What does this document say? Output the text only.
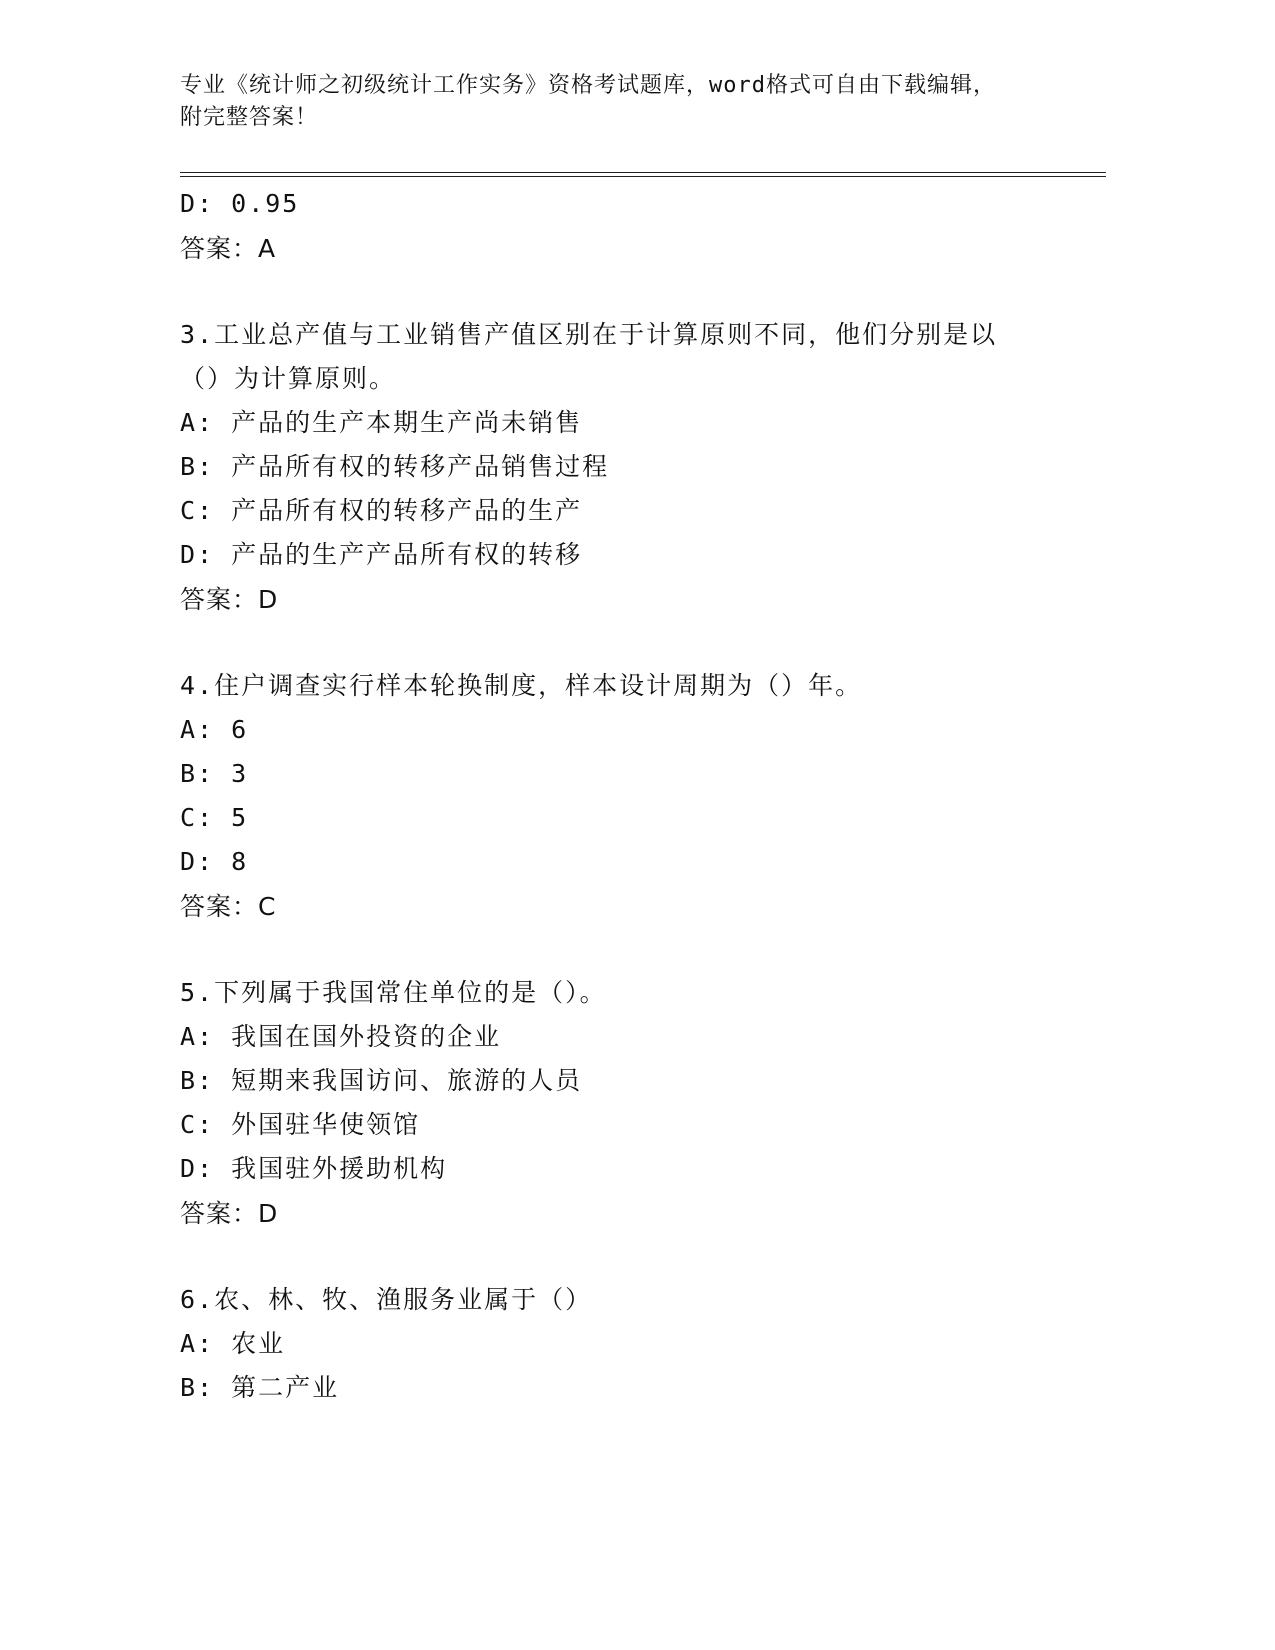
专业《统计师之初级统计工作实务》资格考试题库，word格式可自由下载编辑，
附完整答案！
D: 0.95
答案：A
3.工业总产值与工业销售产值区别在于计算原则不同，他们分别是以
（）为计算原则。
A: 产品的生产本期生产尚未销售
B: 产品所有权的转移产品销售过程
C: 产品所有权的转移产品的生产
D: 产品的生产产品所有权的转移
答案：D
4.住户调查实行样本轮换制度，样本设计周期为（）年。
A: 6
B: 3
C: 5
D: 8
答案：C
5.下列属于我国常住单位的是（）。
A: 我国在国外投资的企业
B: 短期来我国访问、旅游的人员
C: 外国驻华使领馆
D: 我国驻外援助机构
答案：D
6.农、林、牧、渔服务业属于（）
A: 农业
B: 第二产业
